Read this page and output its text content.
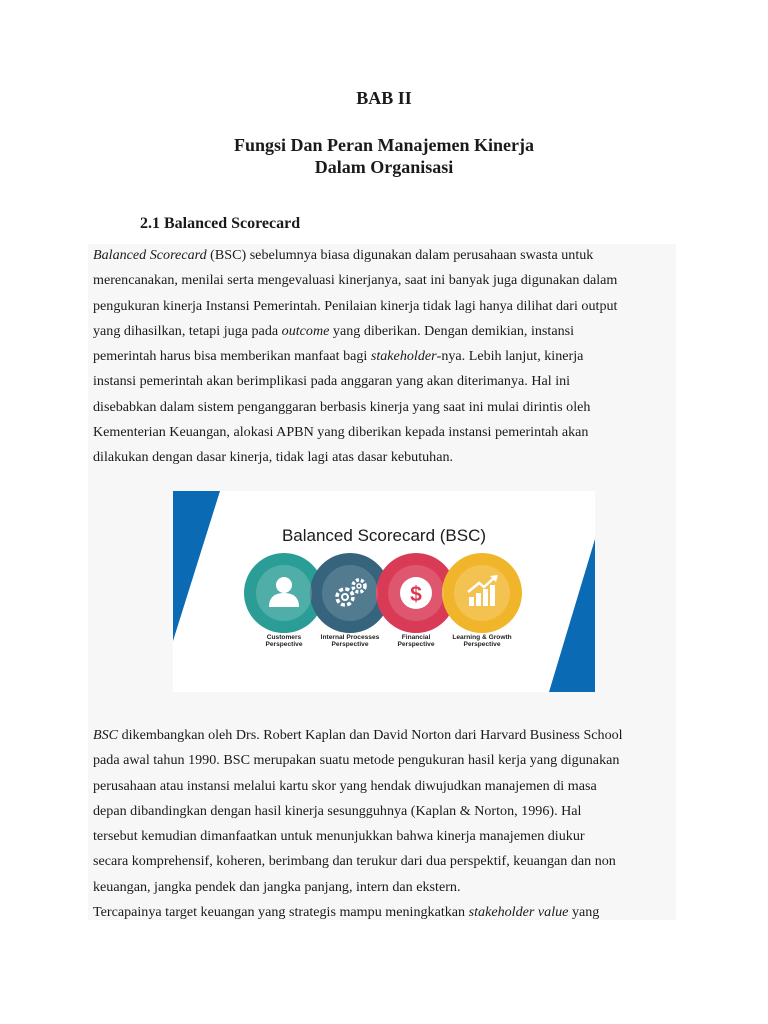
BAB II
Fungsi Dan Peran Manajemen Kinerja
Dalam Organisasi
2.1 Balanced Scorecard
Balanced Scorecard (BSC) sebelumnya biasa digunakan dalam perusahaan swasta untuk
merencanakan, menilai serta mengevaluasi kinerjanya, saat ini banyak juga digunakan dalam
pengukuran kinerja Instansi Pemerintah. Penilaian kinerja tidak lagi hanya dilihat dari output
yang dihasilkan, tetapi juga pada outcome yang diberikan. Dengan demikian, instansi
pemerintah harus bisa memberikan manfaat bagi stakeholder-nya. Lebih lanjut, kinerja
instansi pemerintah akan berimplikasi pada anggaran yang akan diterimanya. Hal ini
disebabkan dalam sistem penganggaran berbasis kinerja yang saat ini mulai dirintis oleh
Kementerian Keuangan, alokasi APBN yang diberikan kepada instansi pemerintah akan
dilakukan dengan dasar kinerja, tidak lagi atas dasar kebutuhan.
$
Balanced Scorecard (BSC)
Customers
Perspective
Internal Processes
Perspective
Financial
Perspective
Learning & Growth
Perspective
BSC dikembangkan oleh Drs. Robert Kaplan dan David Norton dari Harvard Business School
pada awal tahun 1990. BSC merupakan suatu metode pengukuran hasil kerja yang digunakan
perusahaan atau instansi melalui kartu skor yang hendak diwujudkan manajemen di masa
depan dibandingkan dengan hasil kinerja sesungguhnya (Kaplan & Norton, 1996). Hal
tersebut kemudian dimanfaatkan untuk menunjukkan bahwa kinerja manajemen diukur
secara komprehensif, koheren, berimbang dan terukur dari dua perspektif, keuangan dan non
keuangan, jangka pendek dan jangka panjang, intern dan ekstern.
Tercapainya target keuangan yang strategis mampu meningkatkan stakeholder value yang
